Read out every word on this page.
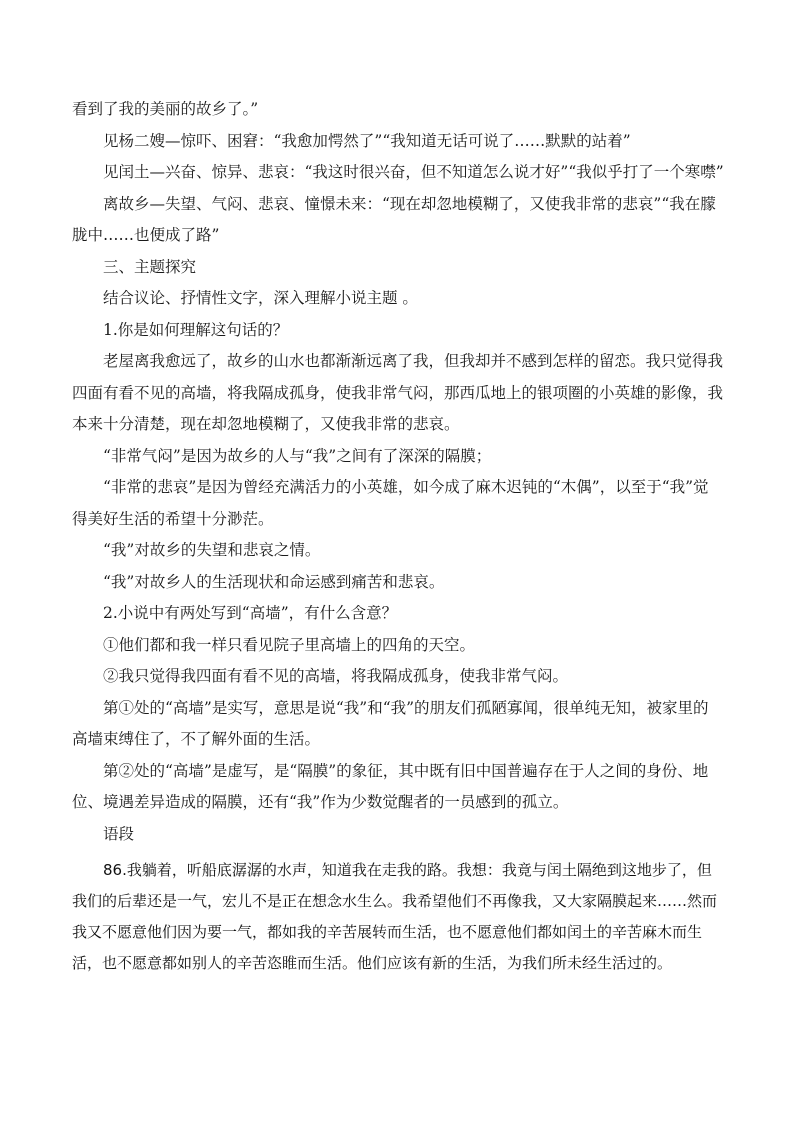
看到了我的美丽的故乡了。”

见杨二嫂—惊吓、困窘：“我愈加愕然了”“我知道无话可说了……默默的站着”

见闰土—兴奋、惊异、悲哀：“我这时很兴奋，但不知道怎么说才好”“我似乎打了一个寒噤”

离故乡—失望、气闷、悲哀、憧憬未来：“现在却忽地模糊了，又使我非常的悲哀”“我在朦胧中……也便成了路”

三、主题探究

结合议论、抒情性文字，深入理解小说主题 。

1.你是如何理解这句话的？

老屋离我愈远了，故乡的山水也都渐渐远离了我，但我却并不感到怎样的留恋。我只觉得我四面有看不见的高墙，将我隔成孤身，使我非常气闷，那西瓜地上的银项圈的小英雄的影像，我本来十分清楚，现在却忽地模糊了，又使我非常的悲哀。

“非常气闷”是因为故乡的人与“我”之间有了深深的隔膜；

“非常的悲哀”是因为曾经充满活力的小英雄，如今成了麻木迟钝的“木偶”，以至于“我”觉得美好生活的希望十分渺茫。

“我”对故乡的失望和悲哀之情。

“我”对故乡人的生活现状和命运感到痛苦和悲哀。

2.小说中有两处写到“高墙”，有什么含意？

①他们都和我一样只看见院子里高墙上的四角的天空。

②我只觉得我四面有看不见的高墙，将我隔成孤身，使我非常气闷。

第①处的“高墙”是实写，意思是说“我”和“我”的朋友们孤陋寡闻，很单纯无知，被家里的高墙束缚住了，不了解外面的生活。

第②处的“高墙”是虚写，是“隔膜”的象征，其中既有旧中国普遍存在于人之间的身份、地位、境遇差异造成的隔膜，还有“我”作为少数觉醒者的一员感到的孤立。

语段

86.我躺着，听船底潺潺的水声，知道我在走我的路。我想：我竟与闰土隔绝到这地步了，但我们的后辈还是一气，宏儿不是正在想念水生么。我希望他们不再像我，又大家隔膜起来……然而我又不愿意他们因为要一气，都如我的辛苦展转而生活，也不愿意他们都如闰土的辛苦麻木而生活，也不愿意都如别人的辛苦恣睢而生活。他们应该有新的生活，为我们所未经生活过的。
